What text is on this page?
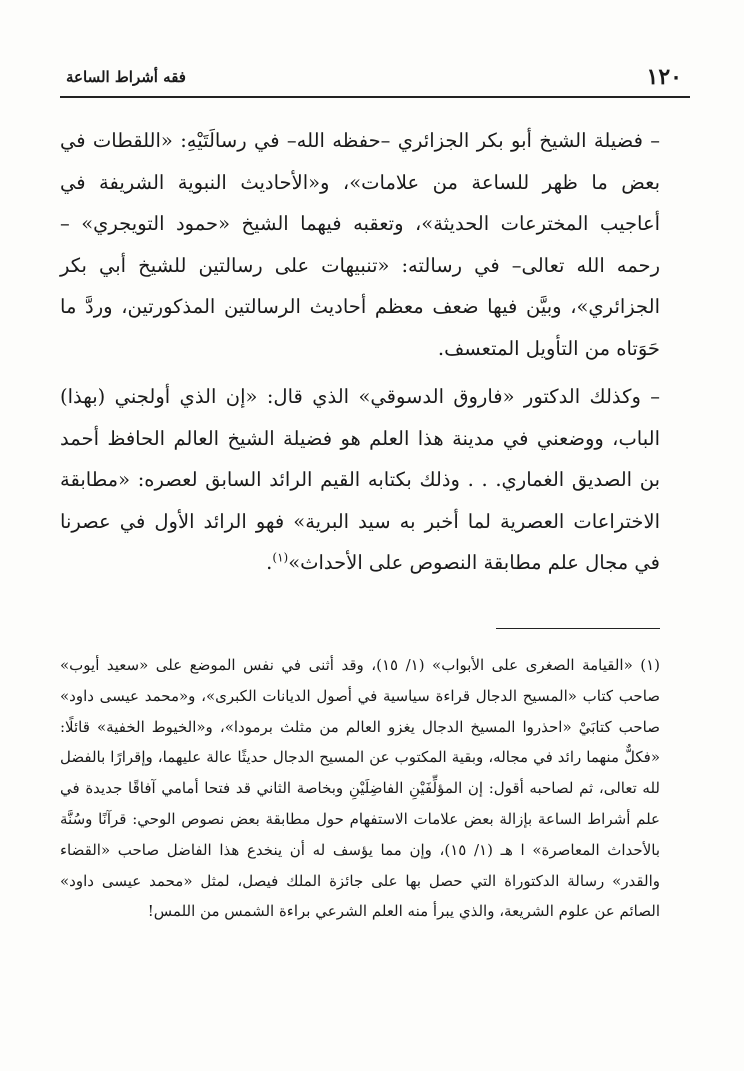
١٢٠
فقه أشراط الساعة

– فضيلة الشيخ أبو بكر الجزائري –حفظه الله– في رسالَتَيْهِ: «اللقطات في بعض ما ظهر للساعة من علامات»، و«الأحاديث النبوية الشريفة في أعاجيب المخترعات الحديثة»، وتعقبه فيهما الشيخ «حمود التويجري» –رحمه الله تعالى– في رسالته: «تنبيهات على رسالتين للشيخ أبي بكر الجزائري»، وبيَّن فيها ضعف معظم أحاديث الرسالتين المذكورتين، وردَّ ما حَوَتاه من التأويل المتعسف.

– وكذلك الدكتور «فاروق الدسوقي» الذي قال: «إن الذي أولجني (بهذا) الباب، ووضعني في مدينة هذا العلم هو فضيلة الشيخ العالم الحافظ أحمد بن الصديق الغماري. . . وذلك بكتابه القيم الرائد السابق لعصره: «مطابقة الاختراعات العصرية لما أخبر به سيد البرية» فهو الرائد الأول في عصرنا في مجال علم مطابقة النصوص على الأحداث»$^{(١)}$.

(١) «القيامة الصغرى على الأبواب» (١/ ١٥)، وقد أثنى في نفس الموضع على «سعيد أيوب» صاحب كتاب «المسيح الدجال قراءة سياسية في أصول الديانات الكبرى»، و«محمد عيسى داود» صاحب كتابَيْ «احذروا المسيخ الدجال يغزو العالم من مثلث برمودا»، و«الخيوط الخفية» قائلًا: «فكلٌّ منهما رائد في مجاله، وبقية المكتوب عن المسيح الدجال حديثًا عالة عليهما، وإقرارًا بالفضل لله تعالى، ثم لصاحبه أقول: إن المؤلِّفَيْنِ الفاضِلَيْنِ وبخاصة الثاني قد فتحا أمامي آفاقًا جديدة في علم أشراط الساعة بإزالة بعض علامات الاستفهام حول مطابقة بعض نصوص الوحي: قرآنًا وسُنَّة بالأحداث المعاصرة» ا هـ (١/ ١٥)، وإن مما يؤسف له أن ينخدع هذا الفاضل صاحب «القضاء والقدر» رسالة الدكتوراة التي حصل بها على جائزة الملك فيصل، لمثل «محمد عيسى داود» الصائم عن علوم الشريعة، والذي يبرأ منه العلم الشرعي براءة الشمس من اللمس!
